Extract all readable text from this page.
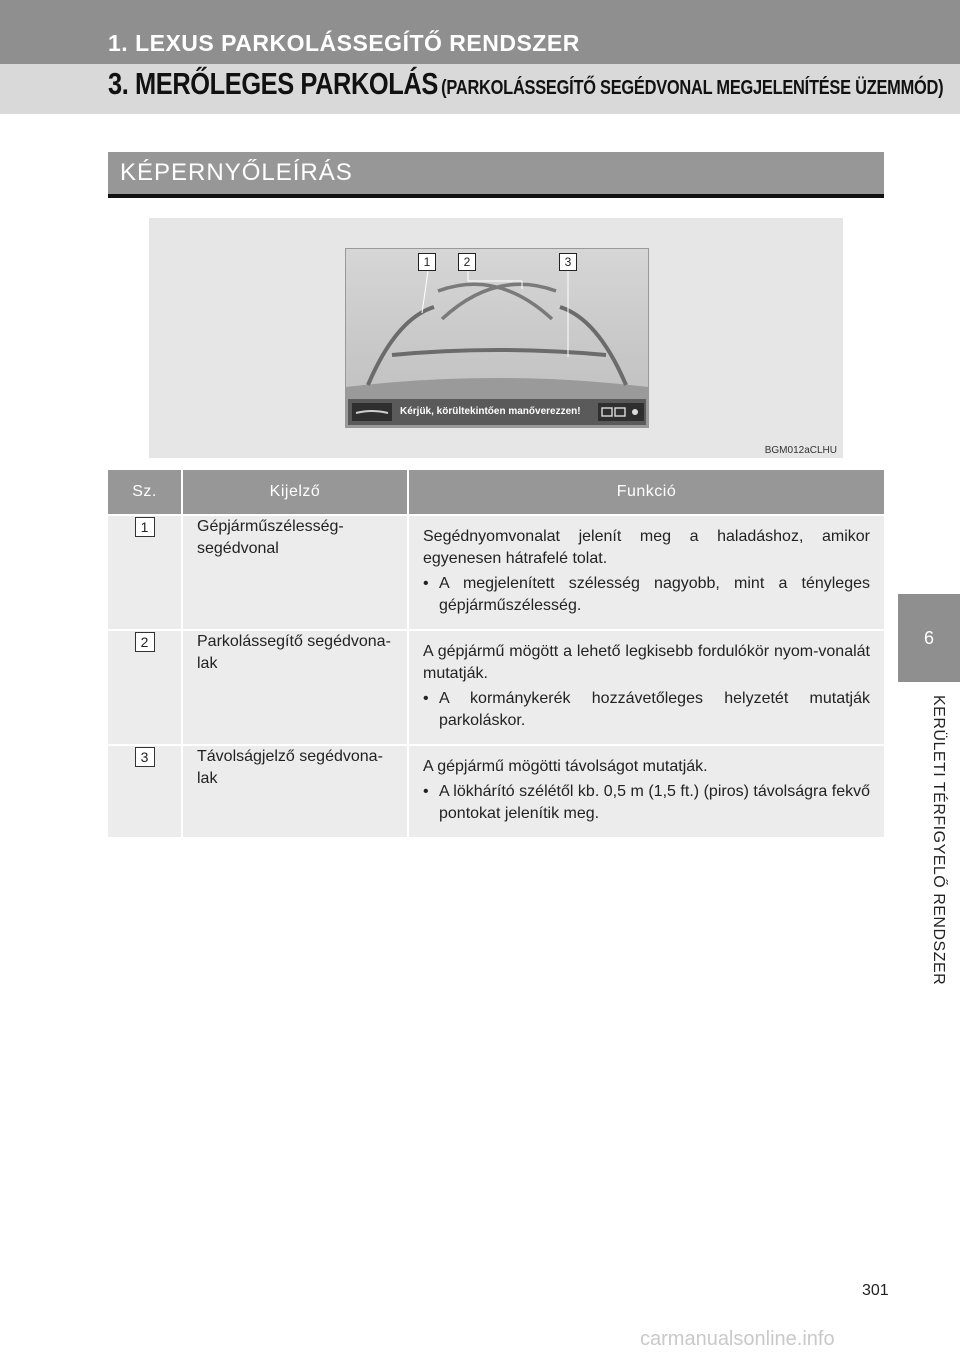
1. LEXUS PARKOLÁSSEGÍTŐ RENDSZER
3. MERŐLEGES PARKOLÁS (PARKOLÁSSEGÍTŐ SEGÉDVONAL MEGJELENÍTÉSE ÜZEMMÓD)
KÉPERNYŐLEÍRÁS
1	2	3
Kérjük, körültekintően manőverezzen!
BGM012aCLHU
Sz.	Kijelző	Funkció
1	Gépjárműszélesség-segédvonal	Segédnyomvonalat jelenít meg a haladáshoz, amikor egyenesen hátrafelé tolat.
• A megjelenített szélesség nagyobb, mint a tényleges gépjárműszélesség.

2	Parkolássegítő segédvona-lak	A gépjármű mögött a lehető legkisebb fordulókör nyom-vonalát mutatják.
• A kormánykerék hozzávetőleges helyzetét mutatják parkoláskor.

3	Távolságjelző segédvona-lak	A gépjármű mögötti távolságot mutatják.
• A lökhárító szélétől kb. 0,5 m (1,5 ft.) (piros) távolságra fekvő pontokat jelenítik meg.
6
KERÜLETI TÉRFIGYELŐ RENDSZER
301
carmanualsonline.info
